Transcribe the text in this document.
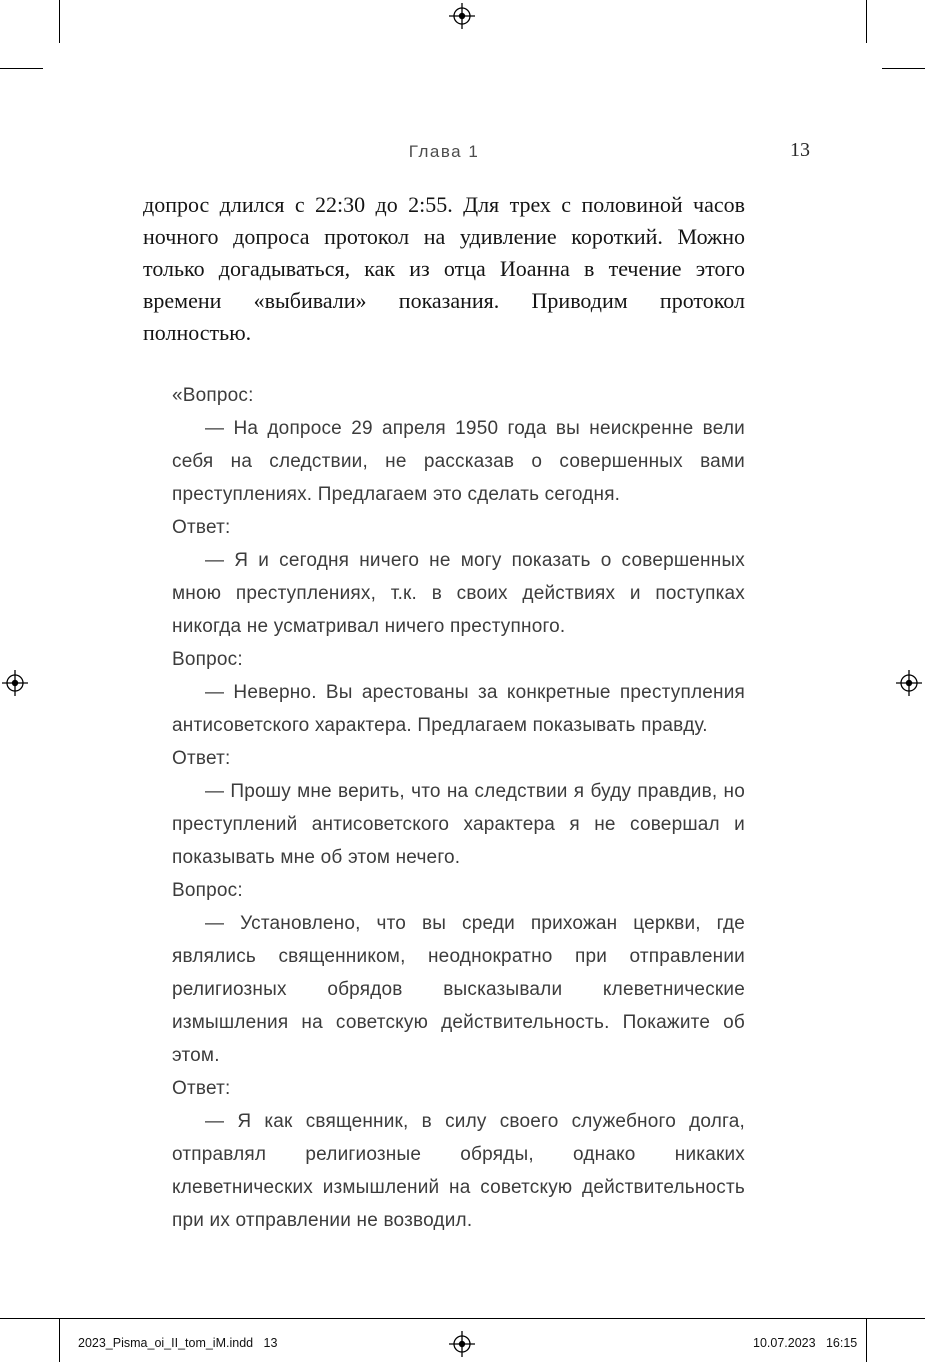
Глава 1	13

допрос длился с 22:30 до 2:55. Для трех с половиной часов ночного допроса протокол на удивление короткий. Можно только догадываться, как из отца Иоанна в течение этого времени «выбивали» показания. Приводим протокол полностью.

«Вопрос:

— На допросе 29 апреля 1950 года вы неискренне вели себя на следствии, не рассказав о совершенных вами преступлениях. Предлагаем это сделать сегодня.

Ответ:

— Я и сегодня ничего не могу показать о совершенных мною преступлениях, т.к. в своих действиях и поступках никогда не усматривал ничего преступного.

Вопрос:

— Неверно. Вы арестованы за конкретные преступления антисоветского характера. Предлагаем показывать правду.

Ответ:

— Прошу мне верить, что на следствии я буду правдив, но преступлений антисоветского характера я не совершал и показывать мне об этом нечего.

Вопрос:

— Установлено, что вы среди прихожан церкви, где являлись священником, неоднократно при отправлении религиозных обрядов высказывали клеветнические измышления на советскую действительность. Покажите об этом.

Ответ:

— Я как священник, в силу своего служебного долга, отправлял религиозные обряды, однако никаких клеветнических измышлений на советскую действительность при их отправлении не возводил.

2023_Pisma_oi_II_tom_iM.indd   13	10.07.2023   16:15
